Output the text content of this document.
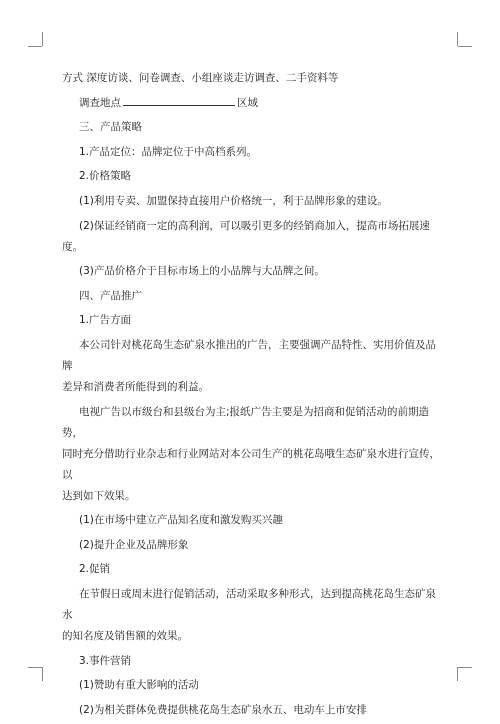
方式 深度访谈、问卷调查、小组座谈走访调查、二手资料等

调查地点	区域

三、产品策略

1.产品定位：品牌定位于中高档系列。

2.价格策略

(1)利用专卖、加盟保持直接用户价格统一，利于品牌形象的建设。

(2)保证经销商一定的高利润，可以吸引更多的经销商加入，提高市场拓展速度。

(3)产品价格介于目标市场上的小品牌与大品牌之间。

四、产品推广

1.广告方面

本公司针对桃花岛生态矿泉水推出的广告，主要强调产品特性、实用价值及品牌
差异和消费者所能得到的利益。

电视广告以市级台和县级台为主;报纸广告主要是为招商和促销活动的前期造势，
同时充分借助行业杂志和行业网站对本公司生产的桃花岛哦生态矿泉水进行宣传，以
达到如下效果。

(1)在市场中建立产品知名度和激发购买兴趣

(2)提升企业及品牌形象

2.促销

在节假日或周末进行促销活动，活动采取多种形式，达到提高桃花岛生态矿泉水
的知名度及销售额的效果。

3.事件营销

(1)赞助有重大影响的活动

(2)为相关群体免费提供桃花岛生态矿泉水五、电动车上市安排
